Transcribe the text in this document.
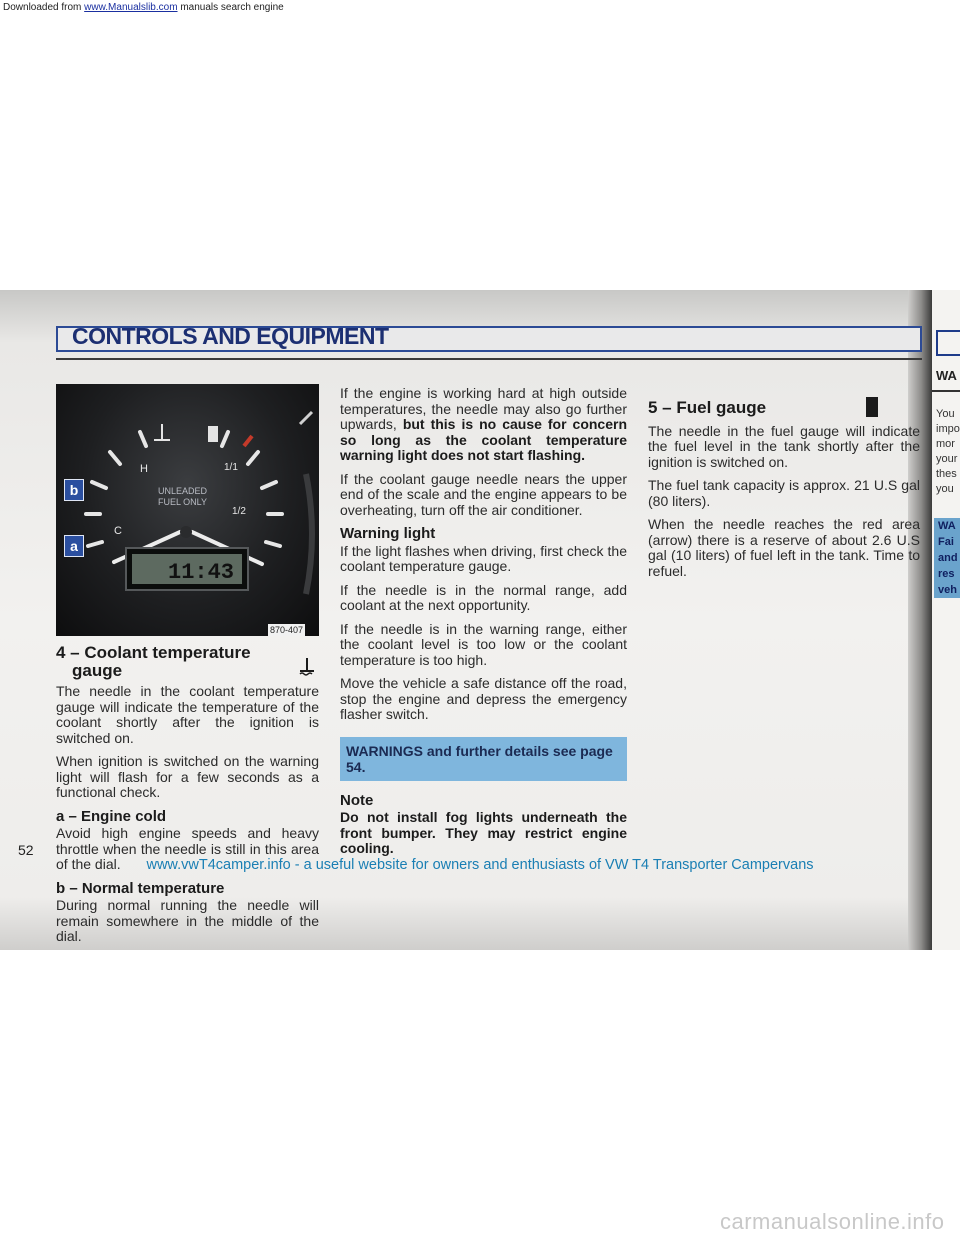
Downloaded from www.Manualslib.com manuals search engine
WA
You
impo
mor
your
thes
you
WA
Fai
and
res
veh
CONTROLS AND EQUIPMENT
H
C
1/1
1/2
UNLEADED
FUEL ONLY
11:43
b
a
870-407
4 – Coolant temperature
gauge

The needle in the coolant temperature gauge will indicate the temperature of the coolant shortly after the ignition is switched on.

When ignition is switched on the warning light will flash for a few seconds as a functional check.

a – Engine cold

Avoid high engine speeds and heavy throttle when the needle is still in this area of the dial.

b – Normal temperature

During normal running the needle will remain somewhere in the middle of the dial.

If the engine is working hard at high outside temperatures, the needle may also go further upwards, but this is no cause for concern so long as the coolant temperature warning light does not start flashing.

If the coolant gauge needle nears the upper end of the scale and the engine appears to be overheating, turn off the air conditioner.

Warning light

If the light flashes when driving, first check the coolant temperature gauge.

If the needle is in the normal range, add coolant at the next opportunity.

If the needle is in the warning range, either the coolant level is too low or the coolant temperature is too high.

Move the vehicle a safe distance off the road, stop the engine and depress the emergency flasher switch.

WARNINGS and further details see page 54.
Note

Do not install fog lights underneath the front bumper. They may restrict engine cooling.

5 – Fuel gauge

The needle in the fuel gauge will indicate the fuel level in the tank shortly after the ignition is switched on.

The fuel tank capacity is approx. 21 U.S gal (80 liters).

When the needle reaches the red area (arrow) there is a reserve of about 2.6 U.S gal (10 liters) of fuel left in the tank. Time to refuel.

52
www.vwT4camper.info - a useful website for owners and enthusiasts of VW T4 Transporter Campervans
carmanualsonline.info
